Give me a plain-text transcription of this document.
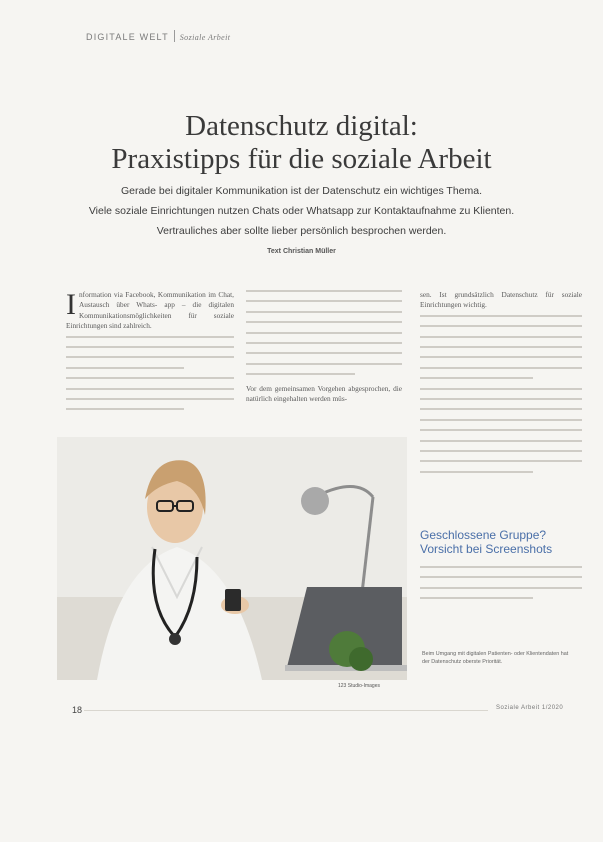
DIGITALE WELT Soziale Arbeit
Datenschutz digital:
Praxistipps für die soziale Arbeit
Gerade bei digitaler Kommunikation ist der Datenschutz ein wichtiges Thema.
Viele soziale Einrichtungen nutzen Chats oder Whatsapp zur Kontaktaufnahme zu Klienten.
Vertrauliches aber sollte lieber persönlich besprochen werden.
Text Christian Müller

Information via Facebook, Kommunikation im Chat, Austausch über Whats- app – die digitalen Kommunikationsmöglichkeiten für soziale Einrichtungen sind zahlreich.

Vor dem gemeinsamen Vorgehen abgesprochen, die natürlich eingehalten werden müs-

sen. Ist grundsätzlich Datenschutz für soziale Einrichtungen wichtig.

Geschlossene Gruppe?
Vorsicht bei Screenshots
123 Studio-Images
Beim Umgang mit digitalen Patienten- oder Klientendaten hat der Datenschutz oberste Priorität.
18	Soziale Arbeit 1/2020
